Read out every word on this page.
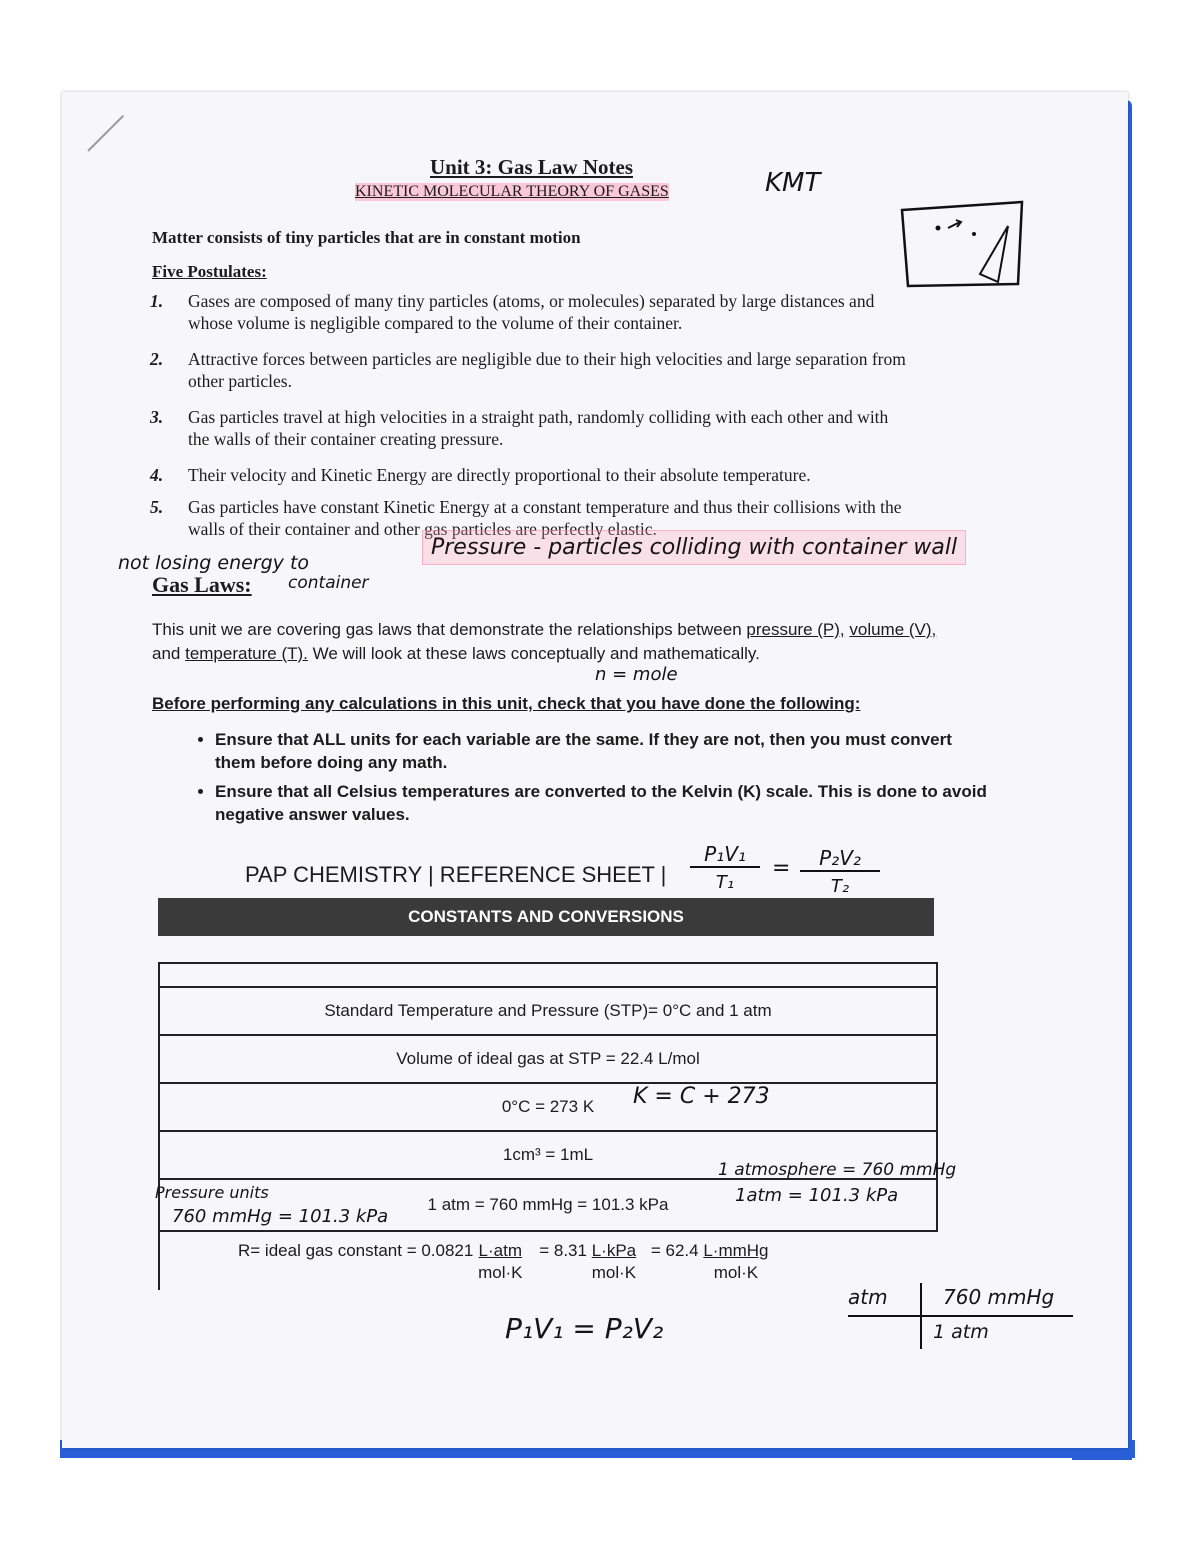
Unit 3: Gas Law Notes
KINETIC MOLECULAR THEORY OF GASES	KMT
Matter consists of tiny particles that are in constant motion
Five Postulates:
1.	Gases are composed of many tiny particles (atoms, or molecules) separated by large distances and whose volume is negligible compared to the volume of their container.
2.	Attractive forces between particles are negligible due to their high velocities and large separation from other particles.
3.	Gas particles travel at high velocities in a straight path, randomly colliding with each other and with the walls of their container creating pressure.
4.	Their velocity and Kinetic Energy are directly proportional to their absolute temperature.
5.	Gas particles have constant Kinetic Energy at a constant temperature and thus their collisions with the walls of their container and other gas particles are perfectly elastic.
not losing energy to
Gas Laws: container
Pressure - particles colliding with container wall
This unit we are covering gas laws that demonstrate the relationships between pressure (P), volume (V), and temperature (T). We will look at these laws conceptually and mathematically.
n = mole
Before performing any calculations in this unit, check that you have done the following:
• Ensure that ALL units for each variable are the same. If they are not, then you must convert them before doing any math.
• Ensure that all Celsius temperatures are converted to the Kelvin (K) scale. This is done to avoid negative answer values.
PAP CHEMISTRY | REFERENCE SHEET |
P₁V₁
T₁
=	P₂V₂
T₂
CONSTANTS AND CONVERSIONS
Standard Temperature and Pressure (STP)= 0°C and 1 atm
Volume of ideal gas at STP = 22.4 L/mol
0°C = 273 K
1cm³ = 1mL
1 atm = 760 mmHg = 101.3 kPa
R= ideal gas constant = $0.0821 \frac{\text{L·atm}}{\text{mol·K}} = 8.31 \frac{\text{L·kPa}}{\text{mol·K}} = 62.4 \frac{\text{L·mmHg}}{\text{mol·K}}$
K = C + 273
1 atmosphere = 760 mmHg
1atm = 101.3 kPa
Pressure units
760 mmHg = 101.3 kPa
P₁V₁ = P₂V₂
atm	760 mmHg
1 atm
